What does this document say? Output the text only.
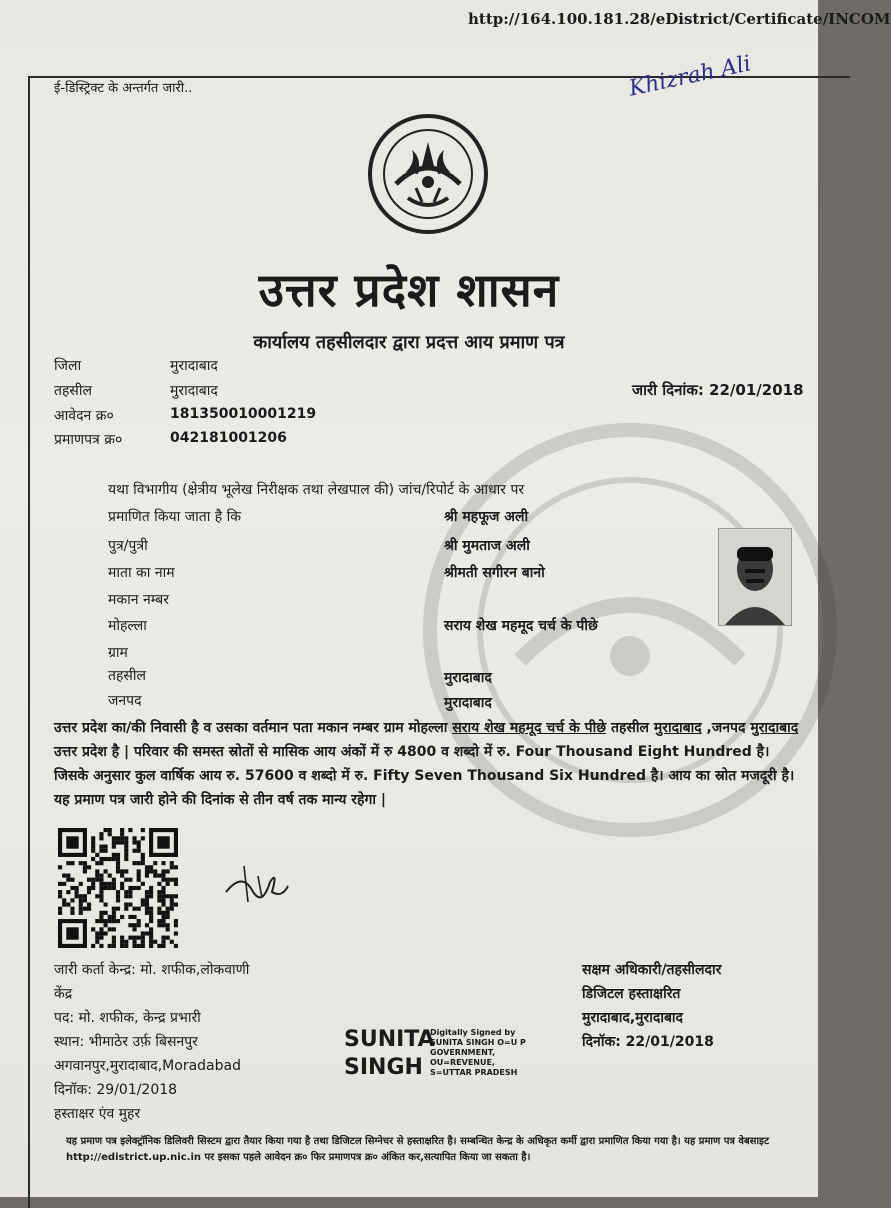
http://164.100.181.28/eDistrict/Certificate/INCOM
ई-डिस्ट्रिक्ट के अन्तर्गत जारी..	Khizrah Ali
उत्तर प्रदेश शासन
कार्यालय तहसीलदार द्वारा प्रदत्त आय प्रमाण पत्र
जिला	मुरादाबाद
तहसील	मुरादाबाद
आवेदन क्र०	181350010001219
प्रमाणपत्र क्र०	042181001206
जारी दिनांक: 22/01/2018
यथा विभागीय (क्षेत्रीय भूलेख निरीक्षक तथा लेखपाल की) जांच/रिपोर्ट के आधार पर
प्रमाणित किया जाता है कि	श्री महफूज अली
पुत्र/पुत्री	श्री मुमताज अली
माता का नाम	श्रीमती सगीरन बानो
मकान नम्बर
मोहल्ला	सराय शेख महमूद चर्च के पीछे
ग्राम
तहसील	मुरादाबाद
जनपद	मुरादाबाद
उत्तर प्रदेश का/की निवासी है व उसका वर्तमान पता मकान नम्बर ग्राम मोहल्ला सराय शेख महमूद चर्च के पीछे तहसील मुरादाबाद ,जनपद मुरादाबाद उत्तर प्रदेश है | परिवार की समस्त स्रोतों से मासिक आय अंकों में रु 4800 व शब्दो में रु. Four Thousand Eight Hundred है। जिसके अनुसार कुल वार्षिक आय रु. 57600 व शब्दो में रु. Fifty Seven Thousand Six Hundred है। आय का स्रोत मजदूरी है। यह प्रमाण पत्र जारी होने की दिनांक से तीन वर्ष तक मान्य रहेगा |
जारी कर्ता केन्द्र: मो. शफीक,लोकवाणी
केंद्र
पद: मो. शफीक, केन्द्र प्रभारी
स्थान: भीमाठेर उर्फ़ बिसनपुर
अगवानपुर,मुरादाबाद,Moradabad
दिनॉक: 29/01/2018
हस्ताक्षर एंव मुहर
SUNITA
SINGH
Digitally Signed by
SUNITA SINGH O=U P
GOVERNMENT,
OU=REVENUE,
S=UTTAR PRADESH
सक्षम अधिकारी/तहसीलदार
डिजिटल हस्ताक्षरित
मुरादाबाद,मुरादाबाद
दिनॉक: 22/01/2018
यह प्रमाण पत्र इलेक्ट्रॉनिक डिलिवरी सिस्टम द्वारा तैयार किया गया है तथा डिजिटल सिग्नेचर से हस्ताक्षरित है। सम्बन्धित केन्द्र के अधिकृत कर्मी द्वारा प्रमाणित किया गया है। यह प्रमाण पत्र वेबसाइट http://edistrict.up.nic.in पर इसका पहले आवेदन क्र० फिर प्रमाणपत्र क्र० अंकित कर,सत्यापित किया जा सकता है।
